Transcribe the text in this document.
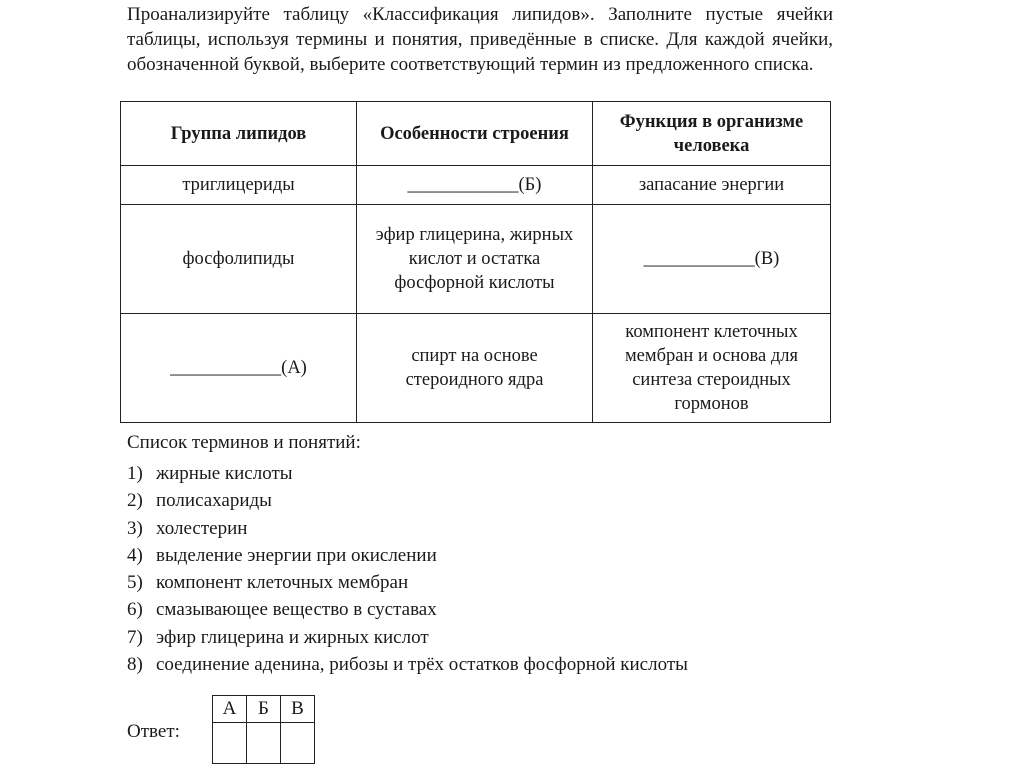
Проанализируйте таблицу «Классификация липидов». Заполните пустые ячейки таблицы, используя термины и понятия, приведённые в списке. Для каждой ячейки, обозначенной буквой, выберите соответствующий термин из предложенного списка.
Группа липидов	Особенности строения	Функция в организме человека
триглицериды	____________(Б)	запасание энергии
фосфолипиды	эфир глицерина, жирных кислот и остатка фосфорной кислоты	____________(В)
____________(А)	спирт на основе стероидного ядра	компонент клеточных мембран и основа для синтеза стероидных гормонов
Список терминов и понятий:
1) жирные кислоты
2) полисахариды
3) холестерин
4) выделение энергии при окислении
5) компонент клеточных мембран
6) смазывающее вещество в суставах
7) эфир глицерина и жирных кислот
8) соединение аденина, рибозы и трёх остатков фосфорной кислоты
Ответ:
А	Б	В
